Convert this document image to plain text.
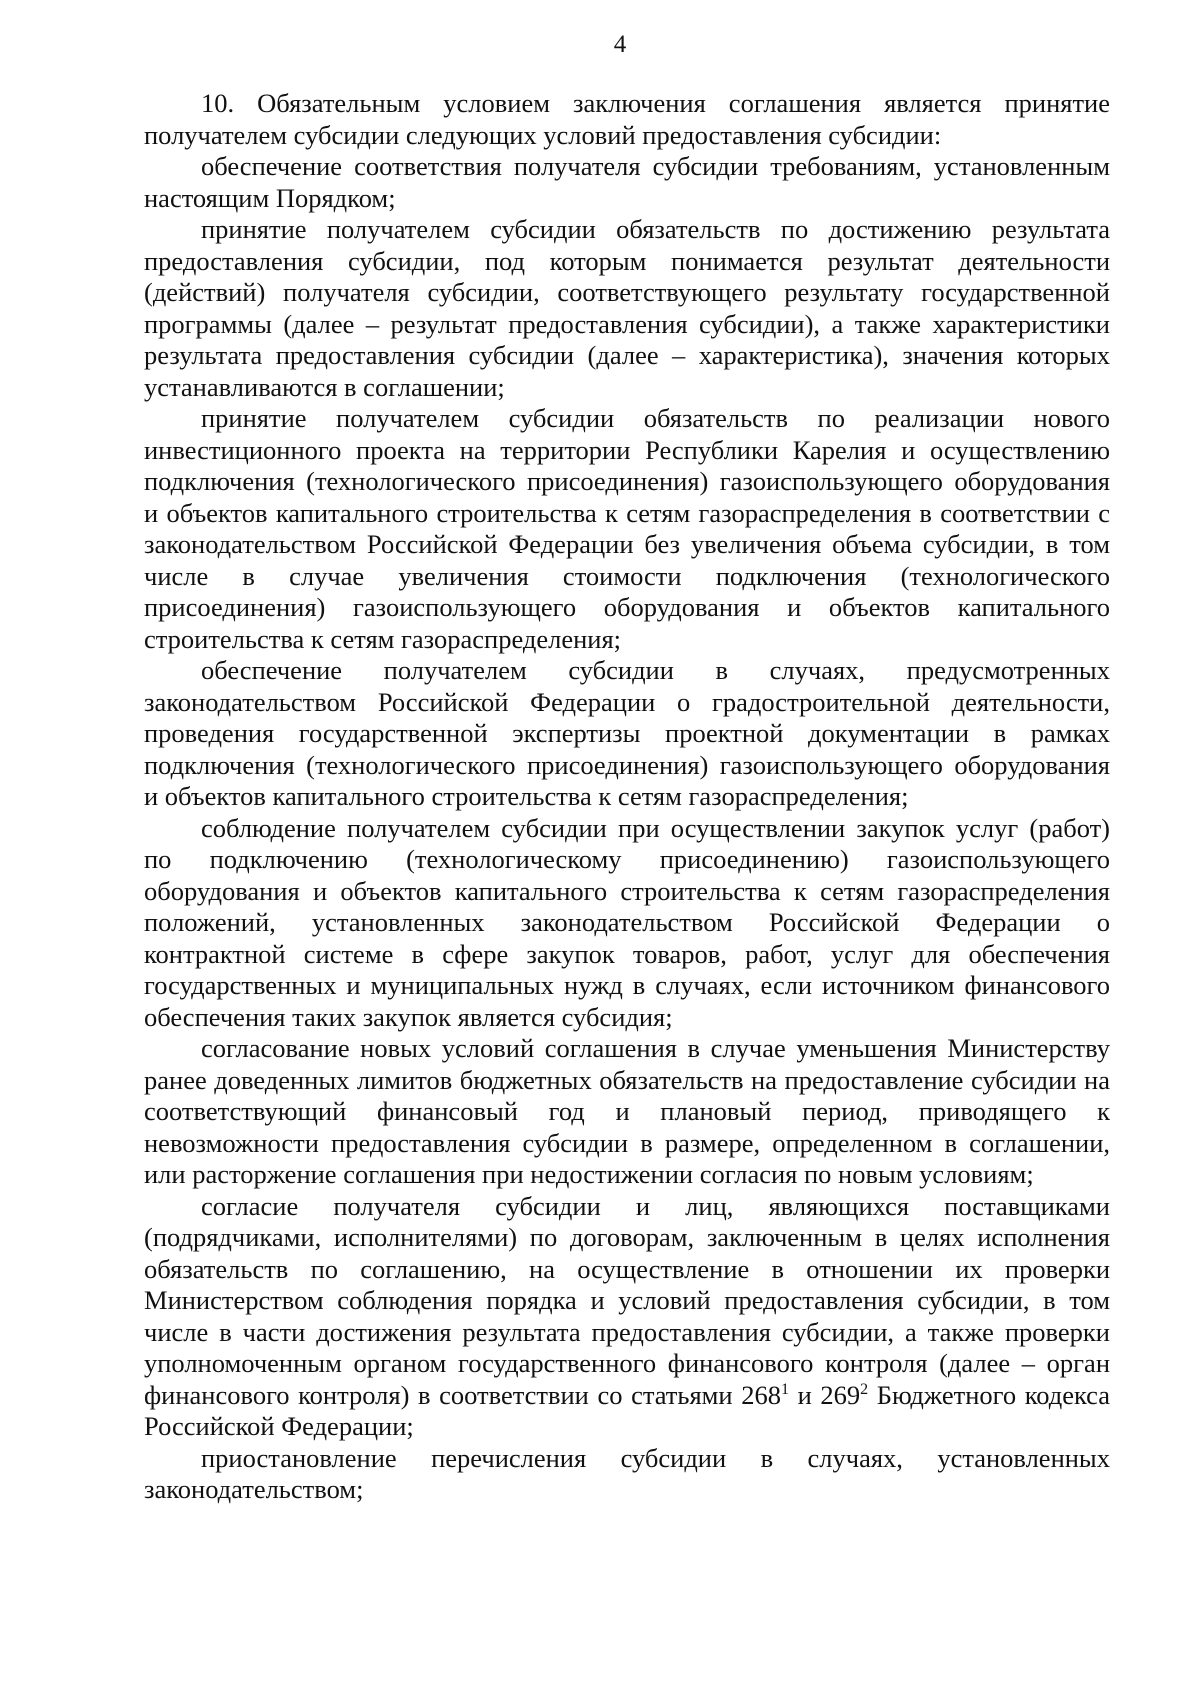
4

10. Обязательным условием заключения соглашения является принятие получателем субсидии следующих условий предоставления субсидии:

обеспечение соответствия получателя субсидии требованиям, установленным настоящим Порядком;

принятие получателем субсидии обязательств по достижению результата предоставления субсидии, под которым понимается результат деятельности (действий) получателя субсидии, соответствующего результату государственной программы (далее – результат предоставления субсидии), а также характеристики результата предоставления субсидии (далее – характеристика), значения которых устанавливаются в соглашении;

принятие получателем субсидии обязательств по реализации нового инвестиционного проекта на территории Республики Карелия и осуществлению подключения (технологического присоединения) газоиспользующего оборудования и объектов капитального строительства к сетям газораспределения в соответствии с законодательством Российской Федерации без увеличения объема субсидии, в том числе в случае увеличения стоимости подключения (технологического присоединения) газоиспользующего оборудования и объектов капитального строительства к сетям газораспределения;

обеспечение получателем субсидии в случаях, предусмотренных законодательством Российской Федерации о градостроительной деятельности, проведения государственной экспертизы проектной документации в рамках подключения (технологического присоединения) газоиспользующего оборудования и объектов капитального строительства к сетям газораспределения;

соблюдение получателем субсидии при осуществлении закупок услуг (работ) по подключению (технологическому присоединению) газоиспользующего оборудования и объектов капитального строительства к сетям газораспределения положений, установленных законодательством Российской Федерации о контрактной системе в сфере закупок товаров, работ, услуг для обеспечения государственных и муниципальных нужд в случаях, если источником финансового обеспечения таких закупок является субсидия;

согласование новых условий соглашения в случае уменьшения Министерству ранее доведенных лимитов бюджетных обязательств на предоставление субсидии на соответствующий финансовый год и плановый период, приводящего к невозможности предоставления субсидии в размере, определенном в соглашении, или расторжение соглашения при недостижении согласия по новым условиям;

согласие получателя субсидии и лиц, являющихся поставщиками (подрядчиками, исполнителями) по договорам, заключенным в целях исполнения обязательств по соглашению, на осуществление в отношении их проверки Министерством соблюдения порядка и условий предоставления субсидии, в том числе в части достижения результата предоставления субсидии, а также проверки уполномоченным органом государственного финансового контроля (далее – орган финансового контроля) в соответствии со статьями $268^1$ и $269^2$ Бюджетного кодекса Российской Федерации;

приостановление перечисления субсидии в случаях, установленных законодательством;
